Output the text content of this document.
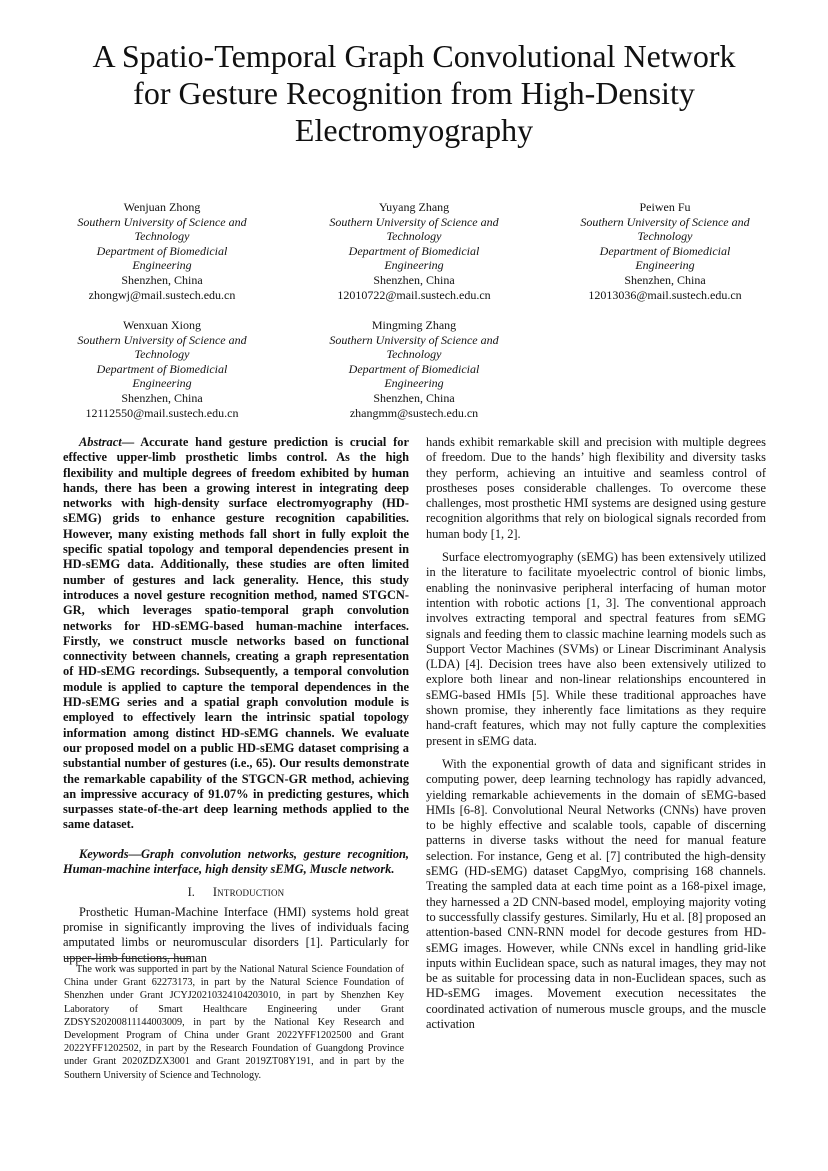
A Spatio-Temporal Graph Convolutional Network
for Gesture Recognition from High-Density
Electromyography
Wenjuan Zhong
Southern University of Science and
Technology
Department of Biomedicial
Engineering
Shenzhen, China
zhongwj@mail.sustech.edu.cn
Yuyang Zhang
Southern University of Science and
Technology
Department of Biomedicial
Engineering
Shenzhen, China
12010722@mail.sustech.edu.cn
Peiwen Fu
Southern University of Science and
Technology
Department of Biomedicial
Engineering
Shenzhen, China
12013036@mail.sustech.edu.cn
Wenxuan Xiong
Southern University of Science and
Technology
Department of Biomedicial
Engineering
Shenzhen, China
12112550@mail.sustech.edu.cn
Mingming Zhang
Southern University of Science and
Technology
Department of Biomedicial
Engineering
Shenzhen, China
zhangmm@sustech.edu.cn

Abstract— Accurate hand gesture prediction is crucial for effective upper-limb prosthetic limbs control. As the high flexibility and multiple degrees of freedom exhibited by human hands, there has been a growing interest in integrating deep networks with high-density surface electromyography (HD-sEMG) grids to enhance gesture recognition capabilities. However, many existing methods fall short in fully exploit the specific spatial topology and temporal dependencies present in HD-sEMG data. Additionally, these studies are often limited number of gestures and lack generality. Hence, this study introduces a novel gesture recognition method, named STGCN-GR, which leverages spatio-temporal graph convolution networks for HD-sEMG-based human-machine interfaces. Firstly, we construct muscle networks based on functional connectivity between channels, creating a graph representation of HD-sEMG recordings. Subsequently, a temporal convolution module is applied to capture the temporal dependences in the HD-sEMG series and a spatial graph convolution module is employed to effectively learn the intrinsic spatial topology information among distinct HD-sEMG channels. We evaluate our proposed model on a public HD-sEMG dataset comprising a substantial number of gestures (i.e., 65). Our results demonstrate the remarkable capability of the STGCN-GR method, achieving an impressive accuracy of 91.07% in predicting gestures, which surpasses state-of-the-art deep learning methods applied to the same dataset.

Keywords—Graph convolution networks, gesture recognition, Human-machine interface, high density sEMG, Muscle network.

I. Introduction

Prosthetic Human-Machine Interface (HMI) systems hold great promise in significantly improving the lives of individuals facing amputated limbs or neuromuscular disorders [1]. Particularly for upper-limb functions, human

The work was supported in part by the National Natural Science Foundation of China under Grant 62273173, in part by the Natural Science Foundation of Shenzhen under Grant JCYJ20210324104203010, in part by Shenzhen Key Laboratory of Smart Healthcare Engineering under Grant ZDSYS20200811144003009, in part by the National Key Research and Development Program of China under Grant 2022YFF1202500 and Grant 2022YFF1202502, in part by the Research Foundation of Guangdong Province under Grant 2020ZDZX3001 and Grant 2019ZT08Y191, and in part by the Southern University of Science and Technology.

hands exhibit remarkable skill and precision with multiple degrees of freedom. Due to the hands’ high flexibility and diversity tasks they perform, achieving an intuitive and seamless control of prostheses poses considerable challenges. To overcome these challenges, most prosthetic HMI systems are designed using gesture recognition algorithms that rely on biological signals recorded from human body [1, 2].

Surface electromyography (sEMG) has been extensively utilized in the literature to facilitate myoelectric control of bionic limbs, enabling the noninvasive peripheral interfacing of human motor intention with robotic actions [1, 3]. The conventional approach involves extracting temporal and spectral features from sEMG signals and feeding them to classic machine learning models such as Support Vector Machines (SVMs) or Linear Discriminant Analysis (LDA) [4]. Decision trees have also been extensively utilized to explore both linear and non-linear relationships encountered in sEMG-based HMIs [5]. While these traditional approaches have shown promise, they inherently face limitations as they require hand-craft features, which may not fully capture the complexities present in sEMG data.

With the exponential growth of data and significant strides in computing power, deep learning technology has rapidly advanced, yielding remarkable achievements in the domain of sEMG-based HMIs [6-8]. Convolutional Neural Networks (CNNs) have proven to be highly effective and scalable tools, capable of discerning patterns in diverse tasks without the need for manual feature selection. For instance, Geng et al. [7] contributed the high-density sEMG (HD-sEMG) dataset CapgMyo, comprising 168 channels. Treating the sampled data at each time point as a 168-pixel image, they harnessed a 2D CNN-based model, employing majority voting to successfully classify gestures. Similarly, Hu et al. [8] proposed an attention-based CNN-RNN model for decode gestures from HD-sEMG images. However, while CNNs excel in handling grid-like inputs within Euclidean space, such as natural images, they may not be as suitable for processing data in non-Euclidean spaces, such as HD-sEMG images. Movement execution necessitates the coordinated activation of numerous muscle groups, and the muscle activation
